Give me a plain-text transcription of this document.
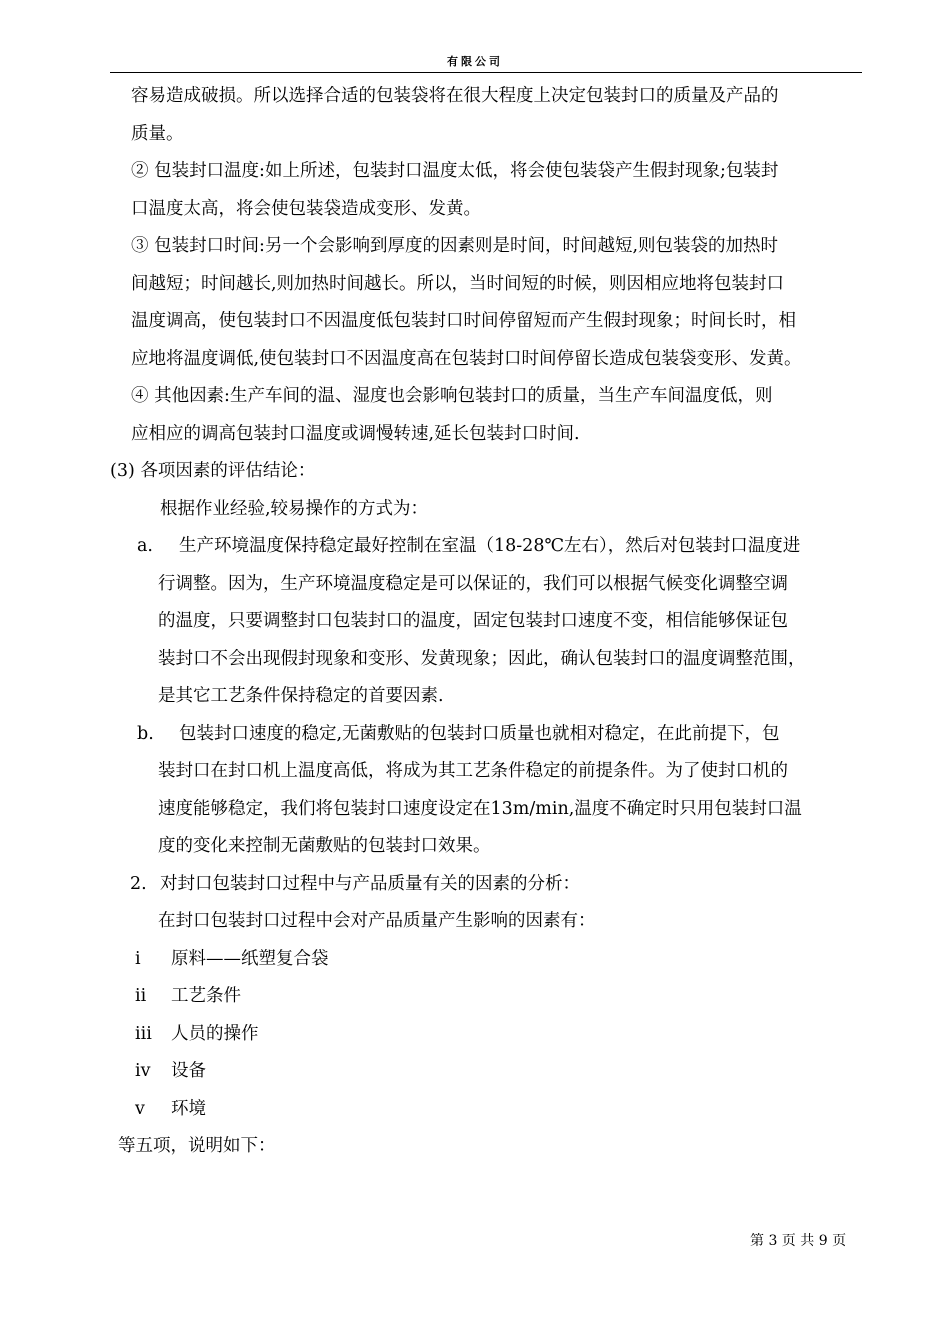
有限公司

容易造成破损。所以选择合适的包装袋将在很大程度上决定包装封口的质量及产品的

质量。

② 包装封口温度:如上所述，包装封口温度太低，将会使包装袋产生假封现象;包装封

口温度太高，将会使包装袋造成变形、发黄。

③ 包装封口时间:另一个会影响到厚度的因素则是时间，时间越短,则包装袋的加热时

间越短；时间越长,则加热时间越长。所以，当时间短的时候，则因相应地将包装封口

温度调高，使包装封口不因温度低包装封口时间停留短而产生假封现象；时间长时，相

应地将温度调低,使包装封口不因温度高在包装封口时间停留长造成包装袋变形、发黄。

④ 其他因素:生产车间的温、湿度也会影响包装封口的质量，当生产车间温度低，则

应相应的调高包装封口温度或调慢转速,延长包装封口时间.

(3) 各项因素的评估结论：

根据作业经验,较易操作的方式为：

a. 生产环境温度保持稳定最好控制在室温（18-28℃左右），然后对包装封口温度进

行调整。因为，生产环境温度稳定是可以保证的，我们可以根据气候变化调整空调

的温度，只要调整封口包装封口的温度，固定包装封口速度不变，相信能够保证包

装封口不会出现假封现象和变形、发黄现象；因此，确认包装封口的温度调整范围，

是其它工艺条件保持稳定的首要因素.

b. 包装封口速度的稳定,无菌敷贴的包装封口质量也就相对稳定，在此前提下，包

装封口在封口机上温度高低，将成为其工艺条件稳定的前提条件。为了使封口机的

速度能够稳定，我们将包装封口速度设定在13m/min,温度不确定时只用包装封口温

度的变化来控制无菌敷贴的包装封口效果。

2. 对封口包装封口过程中与产品质量有关的因素的分析：

在封口包装封口过程中会对产品质量产生影响的因素有：

i 原料——纸塑复合袋

ii 工艺条件

iii 人员的操作

iv 设备

v 环境

等五项，说明如下：

第 3 页 共 9 页
